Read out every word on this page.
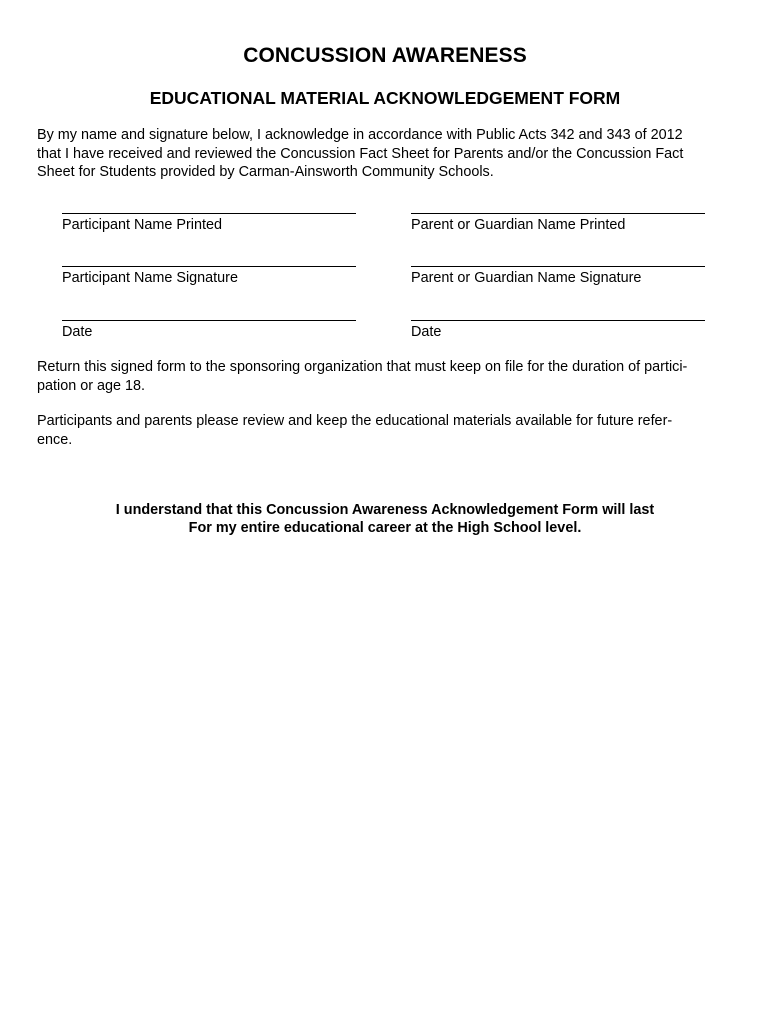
CONCUSSION AWARENESS
EDUCATIONAL MATERIAL ACKNOWLEDGEMENT FORM
By my name and signature below, I acknowledge in accordance with Public Acts 342 and 343 of 2012
that I have received and reviewed the Concussion Fact Sheet for Parents and/or the Concussion Fact
Sheet for Students provided by Carman-Ainsworth Community Schools.
Participant Name Printed	Parent or Guardian Name Printed
Participant Name Signature	Parent or Guardian Name Signature
Date	Date
Return this signed form to the sponsoring organization that must keep on file for the duration of partici-
pation or age 18.
Participants and parents please review and keep the educational materials available for future refer-
ence.
I understand that this Concussion Awareness Acknowledgement Form will last
For my entire educational career at the High School level.
